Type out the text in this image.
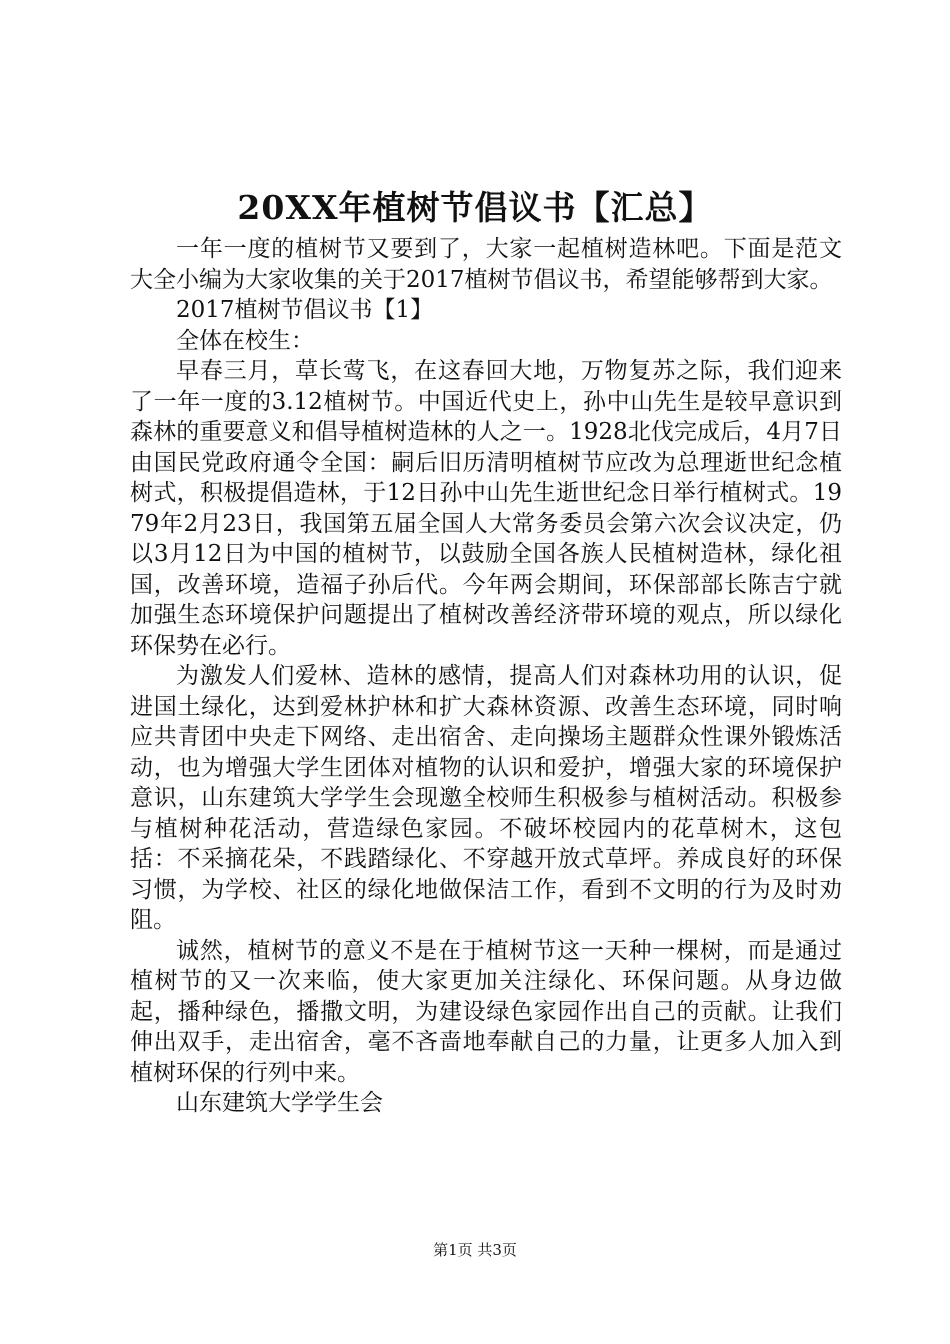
20XX年植树节倡议书【汇总】

一年一度的植树节又要到了，大家一起植树造林吧。下面是范文大全小编为大家收集的关于2017植树节倡议书，希望能够帮到大家。

2017植树节倡议书【1】

全体在校生：

早春三月，草长莺飞，在这春回大地，万物复苏之际，我们迎来了一年一度的3.12植树节。中国近代史上，孙中山先生是较早意识到森林的重要意义和倡导植树造林的人之一。1928北伐完成后，4月7日由国民党政府通令全国：嗣后旧历清明植树节应改为总理逝世纪念植树式，积极提倡造林，于12日孙中山先生逝世纪念日举行植树式。1979年2月23日，我国第五届全国人大常务委员会第六次会议决定，仍以3月12日为中国的植树节，以鼓励全国各族人民植树造林，绿化祖国，改善环境，造福子孙后代。今年两会期间，环保部部长陈吉宁就加强生态环境保护问题提出了植树改善经济带环境的观点，所以绿化环保势在必行。

为激发人们爱林、造林的感情，提高人们对森林功用的认识，促进国土绿化，达到爱林护林和扩大森林资源、改善生态环境，同时响应共青团中央走下网络、走出宿舍、走向操场主题群众性课外锻炼活动，也为增强大学生团体对植物的认识和爱护，增强大家的环境保护意识，山东建筑大学学生会现邀全校师生积极参与植树活动。积极参与植树种花活动，营造绿色家园。不破坏校园内的花草树木，这包括：不采摘花朵，不践踏绿化、不穿越开放式草坪。养成良好的环保习惯，为学校、社区的绿化地做保洁工作，看到不文明的行为及时劝阻。

诚然，植树节的意义不是在于植树节这一天种一棵树，而是通过植树节的又一次来临，使大家更加关注绿化、环保问题。从身边做起，播种绿色，播撒文明，为建设绿色家园作出自己的贡献。让我们伸出双手，走出宿舍，毫不吝啬地奉献自己的力量，让更多人加入到植树环保的行列中来。

山东建筑大学学生会

第1页 共3页
